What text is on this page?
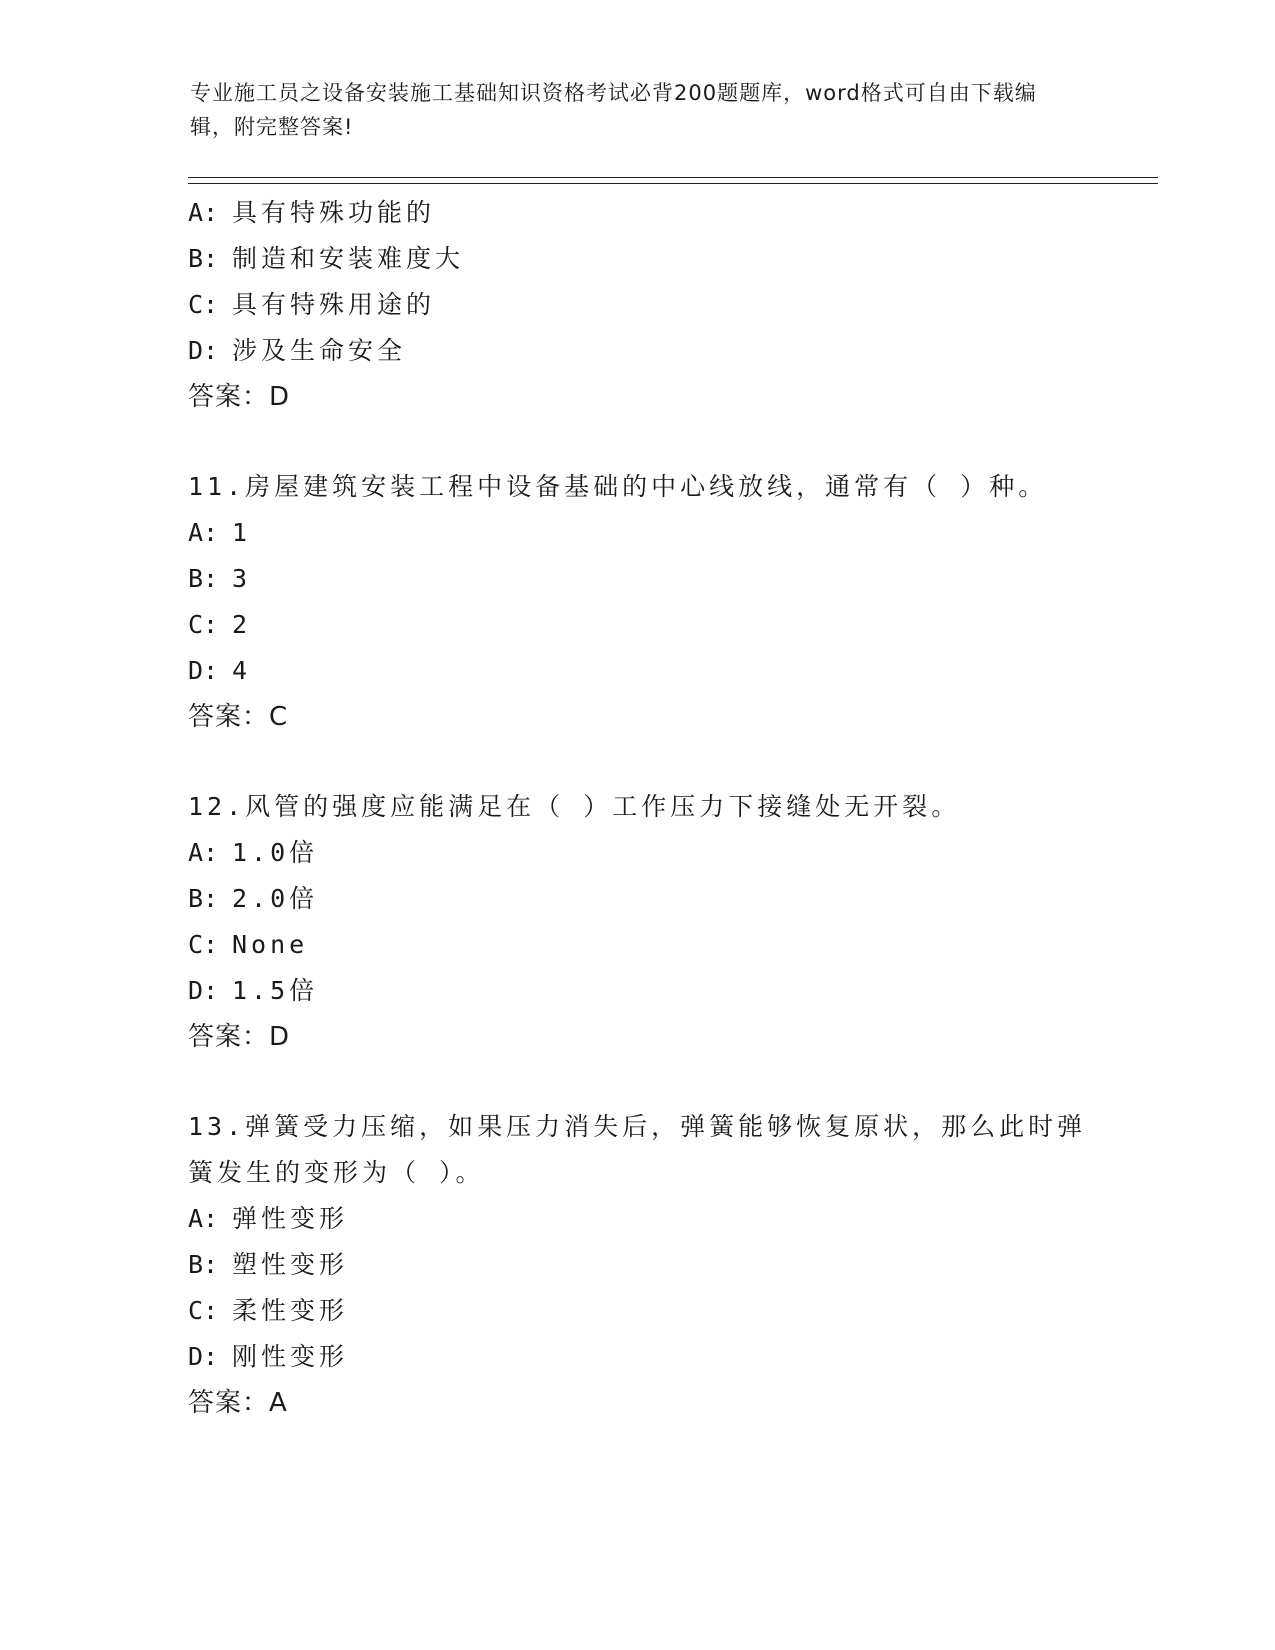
专业施工员之设备安装施工基础知识资格考试必背200题题库，word格式可自由下载编辑，附完整答案!
A: 具有特殊功能的
B: 制造和安装难度大
C: 具有特殊用途的
D: 涉及生命安全
答案：D
11.房屋建筑安装工程中设备基础的中心线放线，通常有（ ）种。
A: 1
B: 3
C: 2
D: 4
答案：C
12.风管的强度应能满足在（ ）工作压力下接缝处无开裂。
A: 1.0倍
B: 2.0倍
C: None
D: 1.5倍
答案：D
13.弹簧受力压缩，如果压力消失后，弹簧能够恢复原状，那么此时弹簧发生的变形为（ ）。
A: 弹性变形
B: 塑性变形
C: 柔性变形
D: 刚性变形
答案：A
